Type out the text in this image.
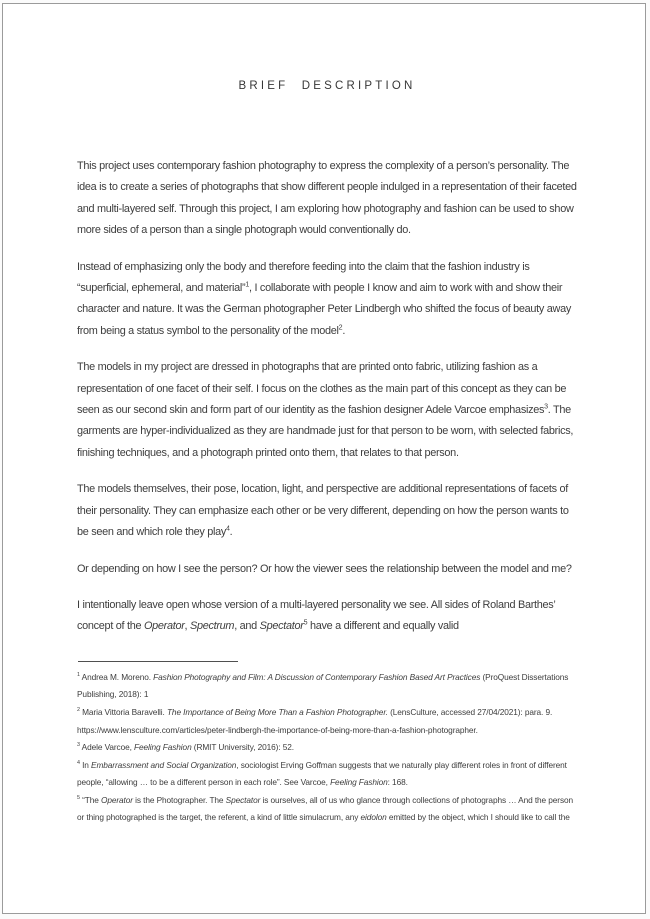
BRIEF DESCRIPTION

This project uses contemporary fashion photography to express the complexity of a person’s personality. The idea is to create a series of photographs that show different people indulged in a representation of their faceted and multi-layered self. Through this project, I am exploring how photography and fashion can be used to show more sides of a person than a single photograph would conventionally do.

Instead of emphasizing only the body and therefore feeding into the claim that the fashion industry is “superficial, ephemeral, and material”$^1$, I collaborate with people I know and aim to work with and show their character and nature. It was the German photographer Peter Lindbergh who shifted the focus of beauty away from being a status symbol to the personality of the model$^2$.

The models in my project are dressed in photographs that are printed onto fabric, utilizing fashion as a representation of one facet of their self. I focus on the clothes as the main part of this concept as they can be seen as our second skin and form part of our identity as the fashion designer Adele Varcoe emphasizes$^3$. The garments are hyper-individualized as they are handmade just for that person to be worn, with selected fabrics, finishing techniques, and a photograph printed onto them, that relates to that person.

The models themselves, their pose, location, light, and perspective are additional representations of facets of their personality. They can emphasize each other or be very different, depending on how the person wants to be seen and which role they play$^4$.

Or depending on how I see the person? Or how the viewer sees the relationship between the model and me?

I intentionally leave open whose version of a multi-layered personality we see. All sides of Roland Barthes’ concept of the Operator, Spectrum, and Spectator$^5$ have a different and equally valid

$^1$ Andrea M. Moreno. Fashion Photography and Film: A Discussion of Contemporary Fashion Based Art Practices (ProQuest Dissertations Publishing, 2018): 1

$^2$ Maria Vittoria Baravelli. The Importance of Being More Than a Fashion Photographer. (LensCulture, accessed 27/04/2021): para. 9. https://www.lensculture.com/articles/peter-lindbergh-the-importance-of-being-more-than-a-fashion-photographer.

$^3$ Adele Varcoe, Feeling Fashion (RMIT University, 2016): 52.

$^4$ In Embarrassment and Social Organization, sociologist Erving Goffman suggests that we naturally play different roles in front of different people, “allowing … to be a different person in each role”. See Varcoe, Feeling Fashion: 168.

$^5$ “The Operator is the Photographer. The Spectator is ourselves, all of us who glance through collections of photographs … And the person or thing photographed is the target, the referent, a kind of little simulacrum, any eidolon emitted by the object, which I should like to call the
